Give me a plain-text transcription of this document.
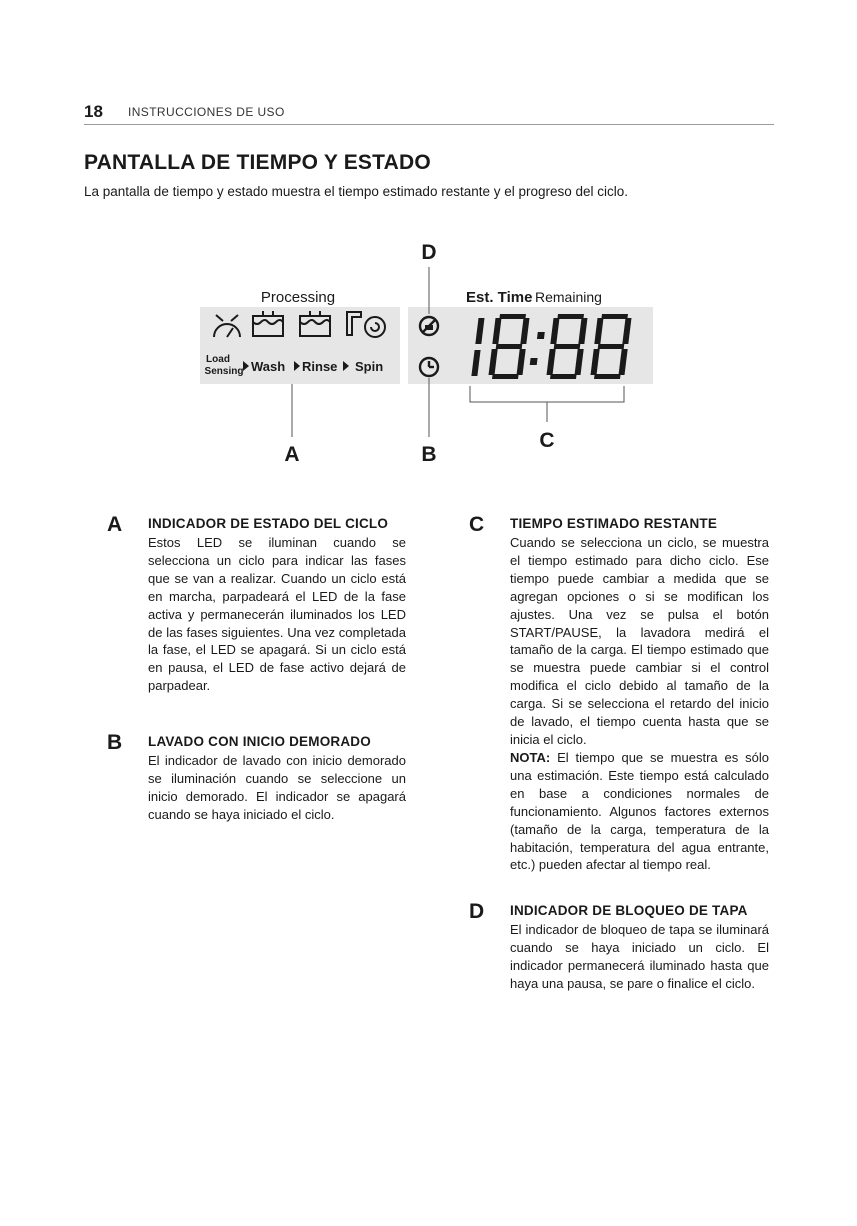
18 INSTRUCCIONES DE USO
PANTALLA DE TIEMPO Y ESTADO
La pantalla de tiempo y estado muestra el tiempo estimado restante y el progreso del ciclo.
Processing	Est. Time Remaining
Load
Sensing Wash Rinse Spin
D
A	B
C
A INDICADOR DE ESTADO DEL CICLO

Estos LED se iluminan cuando se selecciona un ciclo para indicar las fases que se van a realizar. Cuando un ciclo está en marcha, parpadeará el LED de la fase activa y permanecerán iluminados los LED de las fases siguientes. Una vez completada la fase, el LED se apagará. Si un ciclo está en pausa, el LED de fase activo dejará de parpadear.

B LAVADO CON INICIO DEMORADO

El indicador de lavado con inicio demorado se iluminación cuando se seleccione un inicio demorado. El indicador se apagará cuando se haya iniciado el ciclo.

C TIEMPO ESTIMADO RESTANTE

Cuando se selecciona un ciclo, se muestra el tiempo estimado para dicho ciclo. Ese tiempo puede cambiar a medida que se agregan opciones o si se modifican los ajustes. Una vez se pulsa el botón START/PAUSE, la lavadora medirá el tamaño de la carga. El tiempo estimado que se muestra puede cambiar si el control modifica el ciclo debido al tamaño de la carga. Si se selecciona el retardo del inicio de lavado, el tiempo cuenta hasta que se inicia el ciclo.

NOTA: El tiempo que se muestra es sólo una estimación. Este tiempo está calculado en base a condiciones normales de funcionamiento. Algunos factores externos (tamaño de la carga, temperatura de la habitación, temperatura del agua entrante, etc.) pueden afectar al tiempo real.

D INDICADOR DE BLOQUEO DE TAPA

El indicador de bloqueo de tapa se iluminará cuando se haya iniciado un ciclo. El indicador permanecerá iluminado hasta que haya una pausa, se pare o finalice el ciclo.
